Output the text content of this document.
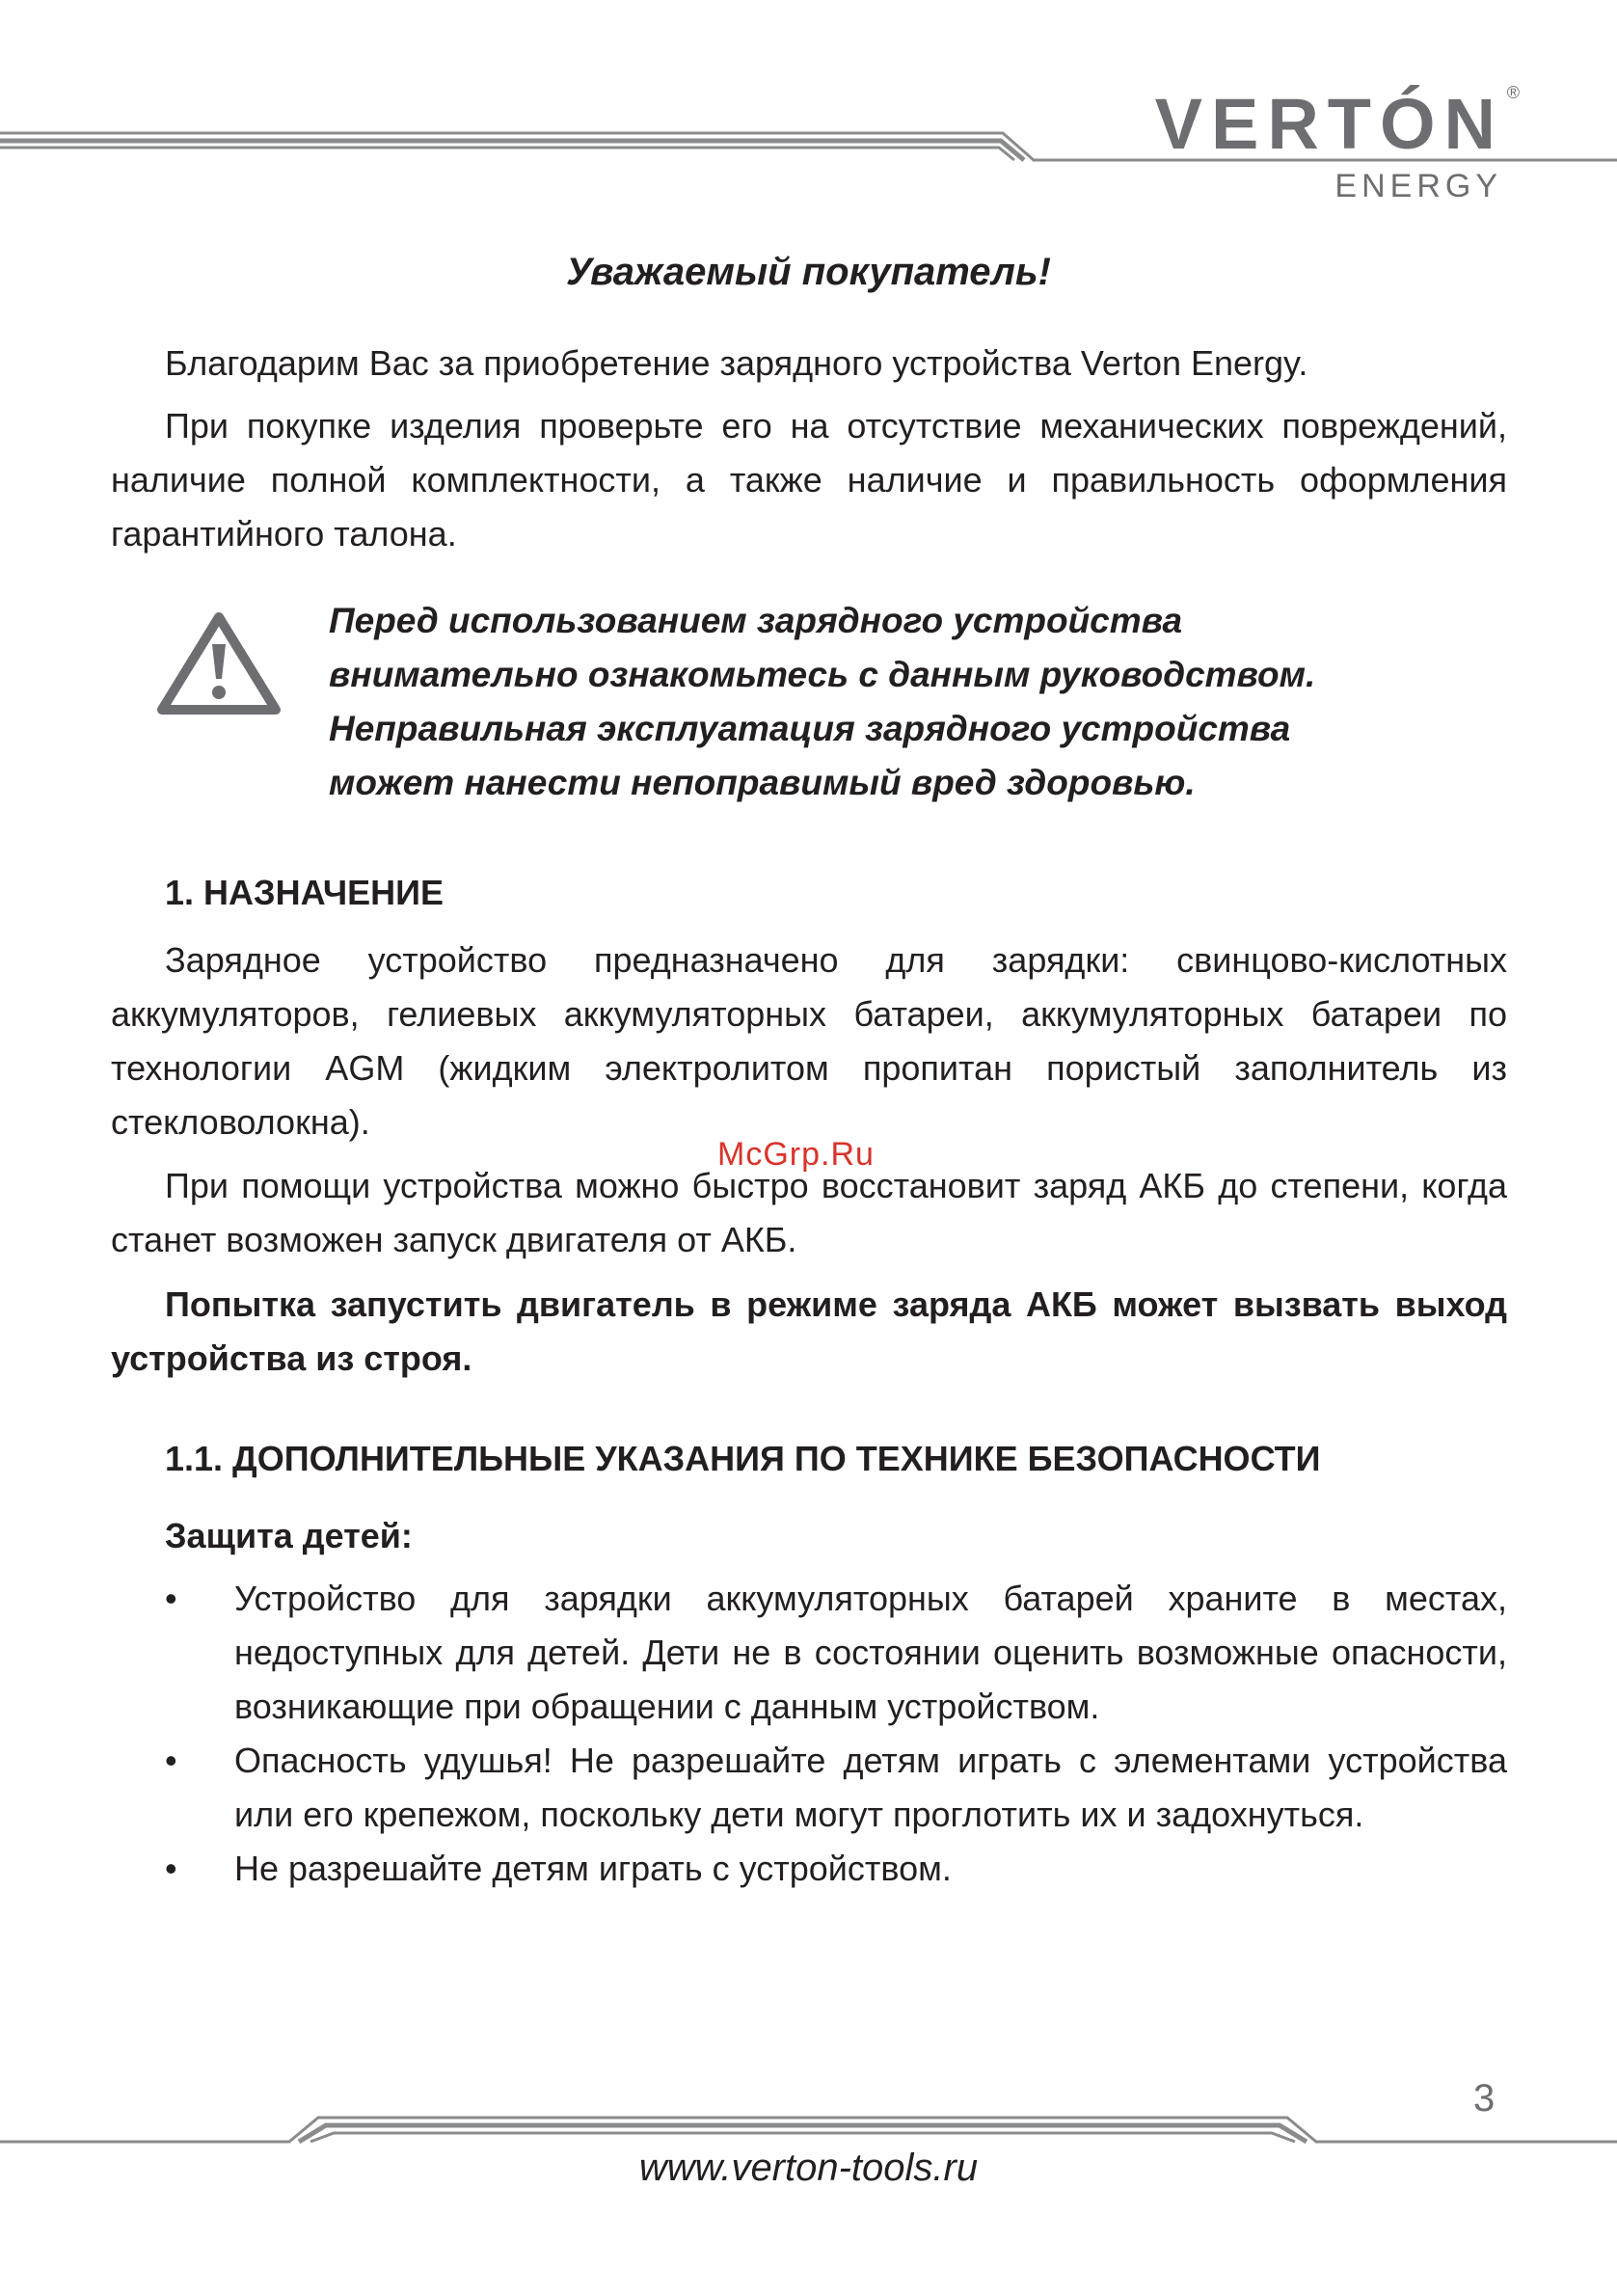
VERTÓN ®
ENERGY
Уважаемый покупатель!

Благодарим Вас за приобретение зарядного устройства Verton Energy.

При покупке изделия проверьте его на отсутствие механических повреждений, наличие полной комплектности, а также наличие и правильность оформления гарантийного талона.

Перед использованием зарядного устройства
внимательно ознакомьтесь с данным руководством.
Неправильная эксплуатация зарядного устройства
может нанести непоправимый вред здоровью.
1. НАЗНАЧЕНИЕ

Зарядное устройство предназначено для зарядки: свинцово-кислотных аккумуляторов, гелиевых аккумуляторных батареи, аккумуляторных батареи по технологии AGM (жидким электролитом пропитан пористый заполнитель из стекловолокна).

McGrp.Ru

При помощи устройства можно быстро восстановит заряд АКБ до степени, когда станет возможен запуск двигателя от АКБ.

Попытка запустить двигатель в режиме заряда АКБ может вызвать выход устройства из строя.

1.1. ДОПОЛНИТЕЛЬНЫЕ УКАЗАНИЯ ПО ТЕХНИКЕ БЕЗОПАСНОСТИ
Защита детей:
• Устройство для зарядки аккумуляторных батарей храните в местах, недоступных для детей. Дети не в состоянии оценить возможные опасности, возникающие при обращении с данным устройством.
• Опасность удушья! Не разрешайте детям играть с элементами устройства или его крепежом, поскольку дети могут проглотить их и задохнуться.
• Не разрешайте детям играть с устройством.
3
www.verton-tools.ru
